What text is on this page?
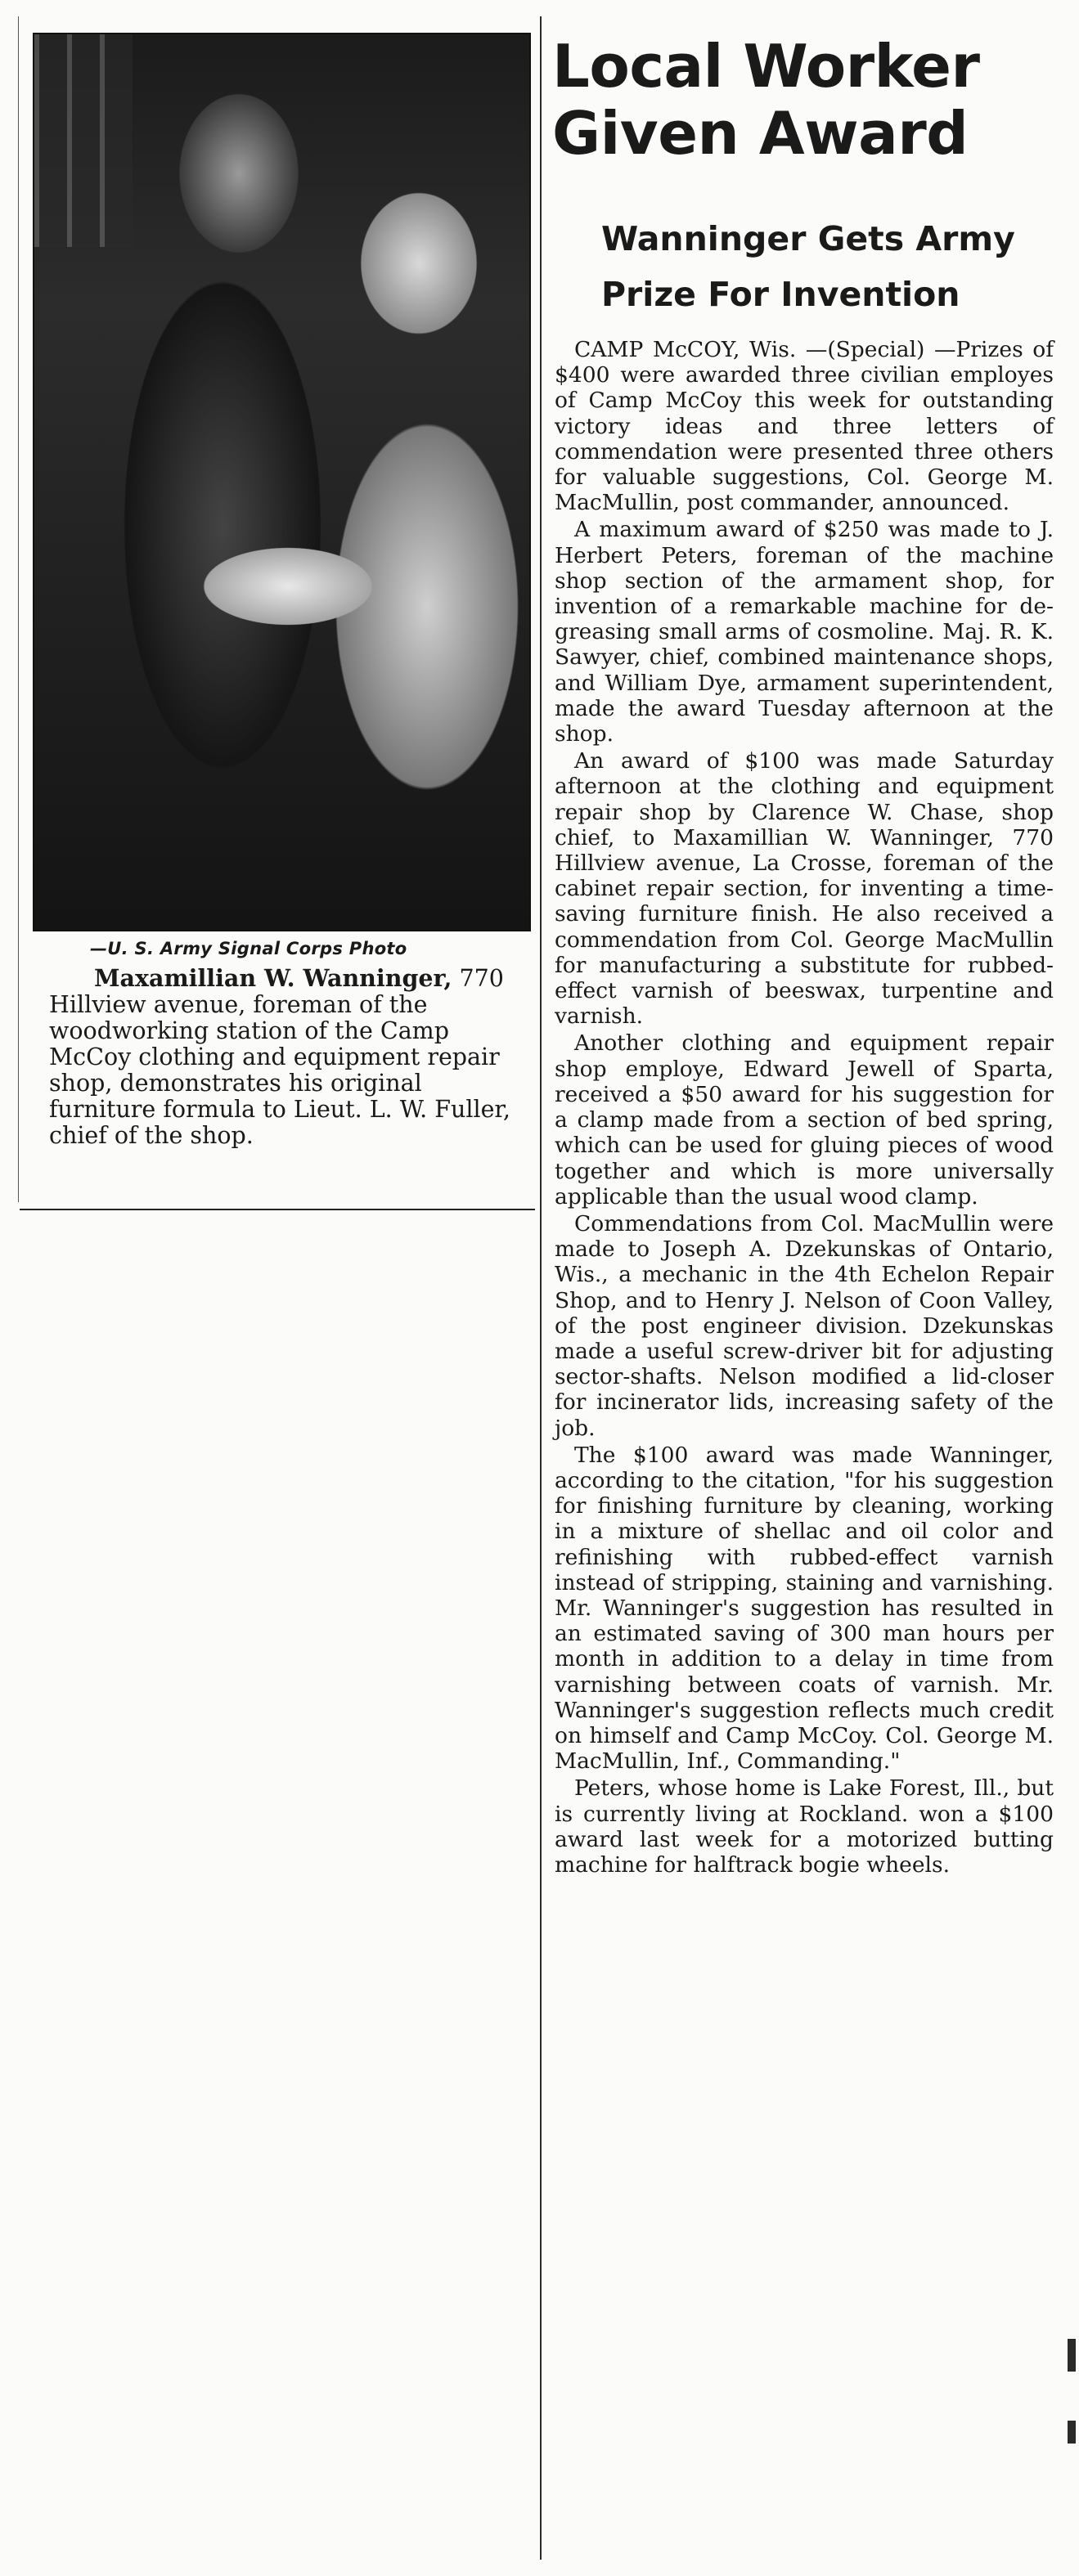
—U. S. Army Signal Corps Photo
Maxamillian W. Wanninger, 770 Hillview avenue, foreman of the woodworking station of the Camp McCoy clothing and equipment repair shop, demonstrates his original furniture formula to Lieut. L. W. Fuller, chief of the shop.
Local Worker Given Award
Wanninger Gets Army Prize For Invention

CAMP McCOY, Wis. —(Special) —Prizes of $400 were awarded three civilian employes of Camp McCoy this week for outstanding victory ideas and three letters of commendation were presented three others for valuable suggestions, Col. George M. MacMullin, post commander, announced.

A maximum award of $250 was made to J. Herbert Peters, foreman of the machine shop section of the armament shop, for invention of a remarkable machine for de-greasing small arms of cosmoline. Maj. R. K. Sawyer, chief, combined maintenance shops, and William Dye, armament superintendent, made the award Tuesday afternoon at the shop.

An award of $100 was made Saturday afternoon at the clothing and equipment repair shop by Clarence W. Chase, shop chief, to Maxamillian W. Wanninger, 770 Hillview avenue, La Crosse, foreman of the cabinet repair section, for inventing a time-saving furniture finish. He also received a commendation from Col. George MacMullin for manufacturing a substitute for rubbed-effect varnish of beeswax, turpentine and varnish.

Another clothing and equipment repair shop employe, Edward Jewell of Sparta, received a $50 award for his suggestion for a clamp made from a section of bed spring, which can be used for gluing pieces of wood together and which is more universally applicable than the usual wood clamp.

Commendations from Col. MacMullin were made to Joseph A. Dzekunskas of Ontario, Wis., a mechanic in the 4th Echelon Repair Shop, and to Henry J. Nelson of Coon Valley, of the post engineer division. Dzekunskas made a useful screw-driver bit for adjusting sector-shafts. Nelson modified a lid-closer for incinerator lids, increasing safety of the job.

The $100 award was made Wanninger, according to the citation, "for his suggestion for finishing furniture by cleaning, working in a mixture of shellac and oil color and refinishing with rubbed-effect varnish instead of stripping, staining and varnishing. Mr. Wanninger's suggestion has resulted in an estimated saving of 300 man hours per month in addition to a delay in time from varnishing between coats of varnish. Mr. Wanninger's suggestion reflects much credit on himself and Camp McCoy. Col. George M. MacMullin, Inf., Commanding."

Peters, whose home is Lake Forest, Ill., but is currently living at Rockland. won a $100 award last week for a motorized butting machine for halftrack bogie wheels.
